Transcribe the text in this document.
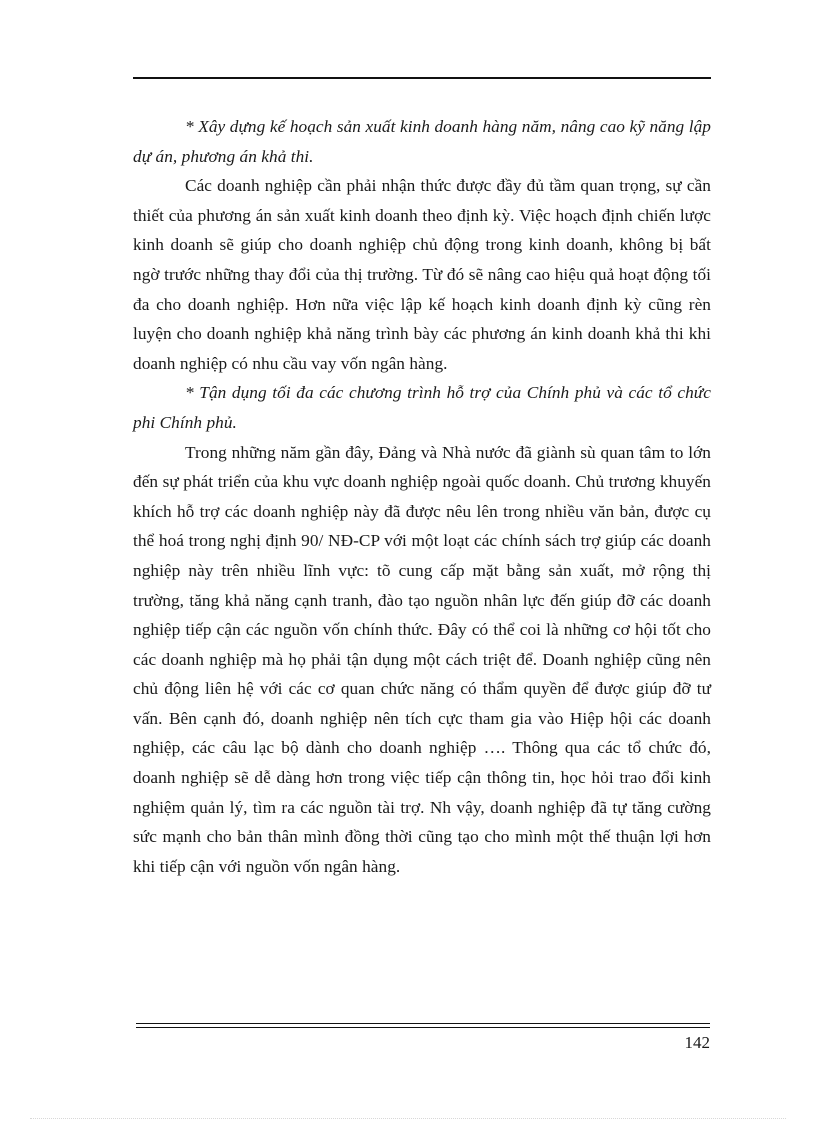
* Xây dựng kế hoạch sản xuất kinh doanh hàng năm, nâng cao kỹ năng lập dự án, phương án khả thi.

Các doanh nghiệp cần phải nhận thức được đầy đủ tầm quan trọng, sự cần thiết của phương án sản xuất kinh doanh theo định kỳ. Việc hoạch định chiến lược kinh doanh sẽ giúp cho doanh nghiệp chủ động trong kinh doanh, không bị bất ngờ trước những thay đổi của thị trường. Từ đó sẽ nâng cao hiệu quả hoạt động tối đa cho doanh nghiệp. Hơn nữa việc lập kế hoạch kinh doanh định kỳ cũng rèn luyện cho doanh nghiệp khả năng trình bày các phương án kinh doanh khả thi khi doanh nghiệp có nhu cầu vay vốn ngân hàng.

* Tận dụng tối đa các chương trình hỗ trợ của Chính phủ và các tổ chức phi Chính phủ.

Trong những năm gần đây, Đảng và Nhà nước đã giành sù quan tâm to lớn đến sự phát triển của khu vực doanh nghiệp ngoài quốc doanh. Chủ trương khuyến khích hỗ trợ các doanh nghiệp này đã được nêu lên trong nhiều văn bản, được cụ thể hoá trong nghị định 90/ NĐ-CP với một loạt các chính sách trợ giúp các doanh nghiệp này trên nhiều lĩnh vực: tõ cung cấp mặt bằng sản xuất, mở rộng thị trường, tăng khả năng cạnh tranh, đào tạo nguồn nhân lực đến giúp đỡ các doanh nghiệp tiếp cận các nguồn vốn chính thức. Đây có thể coi là những cơ hội tốt cho các doanh nghiệp mà họ phải tận dụng một cách triệt để. Doanh nghiệp cũng nên chủ động liên hệ với các cơ quan chức năng có thẩm quyền để được giúp đỡ tư vấn. Bên cạnh đó, doanh nghiệp nên tích cực tham gia vào Hiệp hội các doanh nghiệp, các câu lạc bộ dành cho doanh nghiệp …. Thông qua các tổ chức đó, doanh nghiệp sẽ dễ dàng hơn trong việc tiếp cận thông tin, học hỏi trao đổi kinh nghiệm quản lý, tìm ra các nguồn tài trợ. Nh vậy, doanh nghiệp đã tự tăng cường sức mạnh cho bản thân mình đồng thời cũng tạo cho mình một thế thuận lợi hơn khi tiếp cận với nguồn vốn ngân hàng.

142
